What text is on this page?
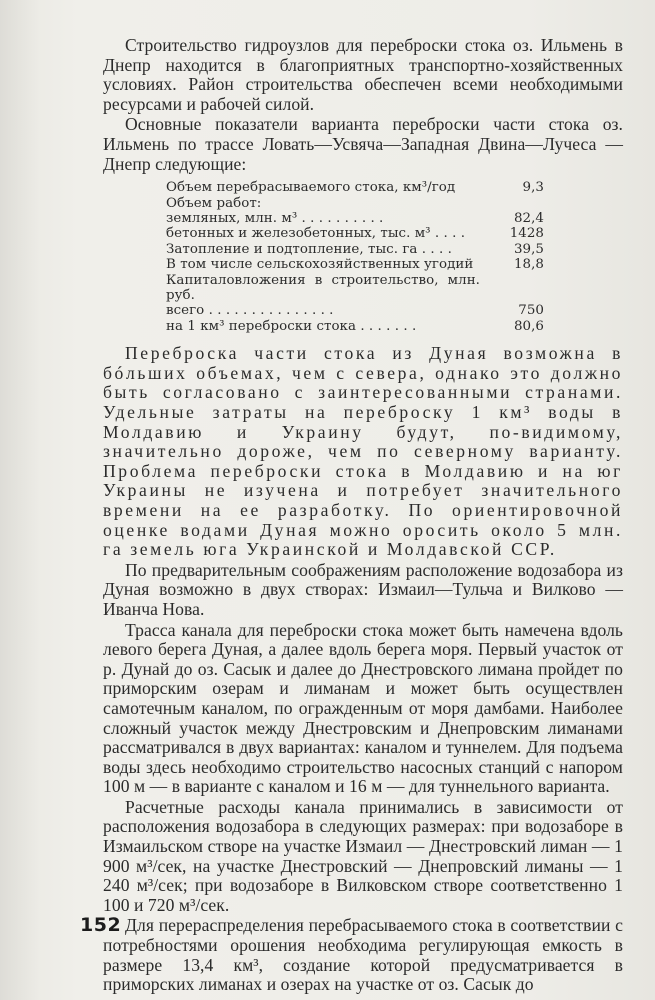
Строительство гидроузлов для переброски стока оз. Ильмень в Днепр находится в благоприятных транспортно-хозяйственных условиях. Район строительства обеспечен всеми необходимыми ресурсами и рабочей силой.

Основные показатели варианта переброски части стока оз. Ильмень по трассе Ловать—Усвяча—Западная Двина—Лучеса — Днепр следующие:

Объем перебрасываемого стока, км³/год	9,3
Объем работ:
земляных, млн. м³ . . . . . . . . . .	82,4
бетонных и железобетонных, тыс. м³ . . . .	1428
Затопление и подтопление, тыс. га . . . .	39,5
В том числе сельскохозяйственных угодий	18,8
Капиталовложения в строительство, млн. руб.
всего . . . . . . . . . . . . . . .	750
на 1 км³ переброски стока . . . . . . .	80,6

Переброска части стока из Дуная возможна в бóльших объемах, чем с севера, однако это должно быть согласовано с заинтересованными странами. Удельные затраты на переброску 1 км³ воды в Молдавию и Украину будут, по-видимому, значительно дороже, чем по северному варианту. Проблема переброски стока в Молдавию и на юг Украины не изучена и потребует значительного времени на ее разработку. По ориентировочной оценке водами Дуная можно оросить около 5 млн. га земель юга Украинской и Молдавской ССР.

По предварительным соображениям расположение водозабора из Дуная возможно в двух створах: Измаил—Тульча и Вилково — Иванча Нова.

Трасса канала для переброски стока может быть намечена вдоль левого берега Дуная, а далее вдоль берега моря. Первый участок от р. Дунай до оз. Сасык и далее до Днестровского лимана пройдет по приморским озерам и лиманам и может быть осуществлен самотечным каналом, по огражденным от моря дамбами. Наиболее сложный участок между Днестровским и Днепровским лиманами рассматривался в двух вариантах: каналом и туннелем. Для подъема воды здесь необходимо строительство насосных станций с напором 100 м — в варианте с каналом и 16 м — для туннельного варианта.

Расчетные расходы канала принимались в зависимости от расположения водозабора в следующих размерах: при водозаборе в Измаильском створе на участке Измаил — Днестровский лиман — 1 900 м³/сек, на участке Днестровский — Днепровский лиманы — 1 240 м³/сек; при водозаборе в Вилковском створе соответственно 1 100 и 720 м³/сек.

Для перераспределения перебрасываемого стока в соответствии с потребностями орошения необходима регулирующая емкость в размере 13,4 км³, создание которой предусматривается в приморских лиманах и озерах на участке от оз. Сасык до

152
